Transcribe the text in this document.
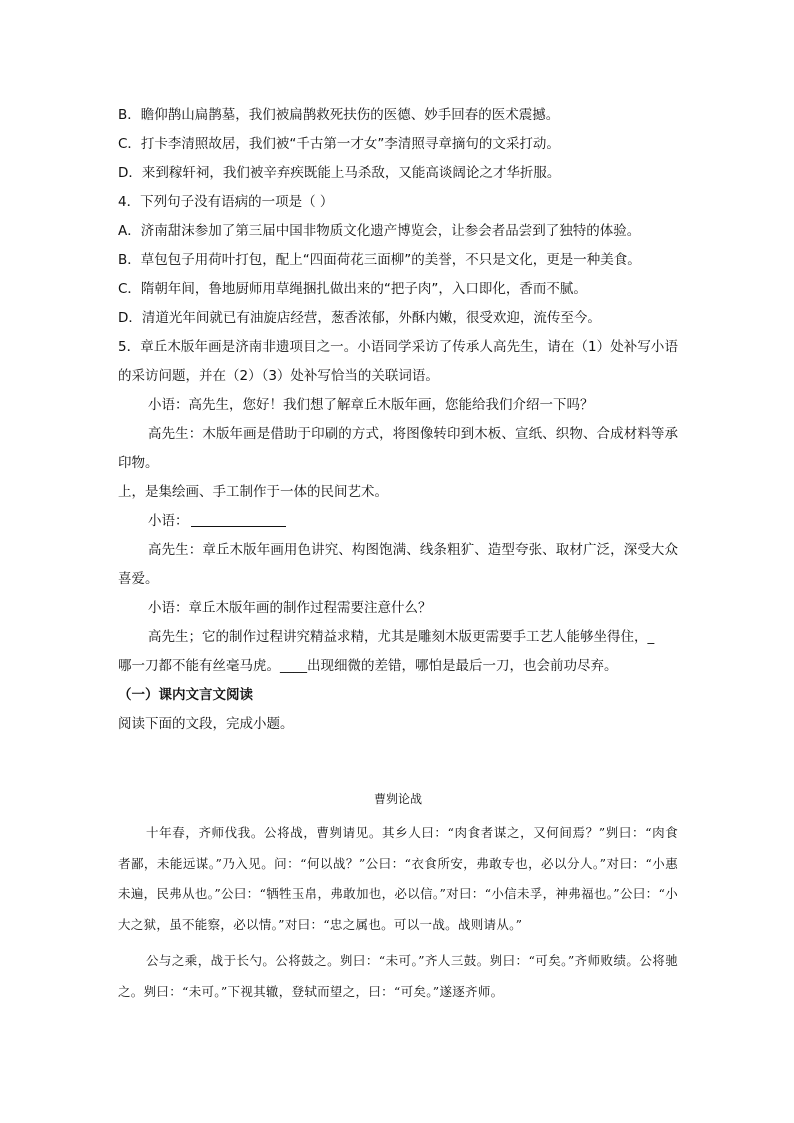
B．瞻仰鹊山扁鹊墓，我们被扁鹊救死扶伤的医德、妙手回春的医术震撼。

C．打卡李清照故居，我们被“千古第一才女”李清照寻章摘句的文采打动。

D．来到稼轩祠，我们被辛弃疾既能上马杀敌，又能高谈阔论之才华折服。

4．下列句子没有语病的一项是（ ）

A．济南甜沫参加了第三届中国非物质文化遗产博览会，让参会者品尝到了独特的体验。

B．草包包子用荷叶打包，配上“四面荷花三面柳”的美誉，不只是文化，更是一种美食。

C．隋朝年间，鲁地厨师用草绳捆扎做出来的“把子肉”，入口即化，香而不腻。

D．清道光年间就已有油旋店经营，葱香浓郁，外酥内嫩，很受欢迎，流传至今。

5．章丘木版年画是济南非遗项目之一。小语同学采访了传承人高先生，请在（1）处补写小语的采访问题，并在（2）（3）处补写恰当的关联词语。

小语：高先生，您好！我们想了解章丘木版年画，您能给我们介绍一下吗？

高先生：木版年画是借助于印刷的方式，将图像转印到木板、宣纸、织物、合成材料等承印物。

上，是集绘画、手工制作于一体的民间艺术。

小语：

高先生：章丘木版年画用色讲究、构图饱满、线条粗犷、造型夸张、取材广泛，深受大众喜爱。

小语：章丘木版年画的制作过程需要注意什么？

高先生；它的制作过程讲究精益求精，尤其是雕刻木版更需要手工艺人能够坐得住，_

哪一刀都不能有丝毫马虎。____出现细微的差错，哪怕是最后一刀，也会前功尽弃。

（一）课内文言文阅读

阅读下面的文段，完成小题。

曹刿论战

十年春，齐师伐我。公将战，曹刿请见。其乡人曰：“肉食者谋之，又何间焉？”刿曰：“肉食者鄙，未能远谋。”乃入见。问：“何以战？”公曰：“衣食所安，弗敢专也，必以分人。”对曰：“小惠未遍，民弗从也。”公曰：“牺牲玉帛，弗敢加也，必以信。”对曰：“小信未孚，神弗福也。”公曰：“小大之狱，虽不能察，必以情。”对曰：“忠之属也。可以一战。战则请从。”

公与之乘，战于长勺。公将鼓之。刿曰：“未可。”齐人三鼓。刿曰：“可矣。”齐师败绩。公将驰之。刿曰：“未可。”下视其辙，登轼而望之，曰：“可矣。”遂逐齐师。
